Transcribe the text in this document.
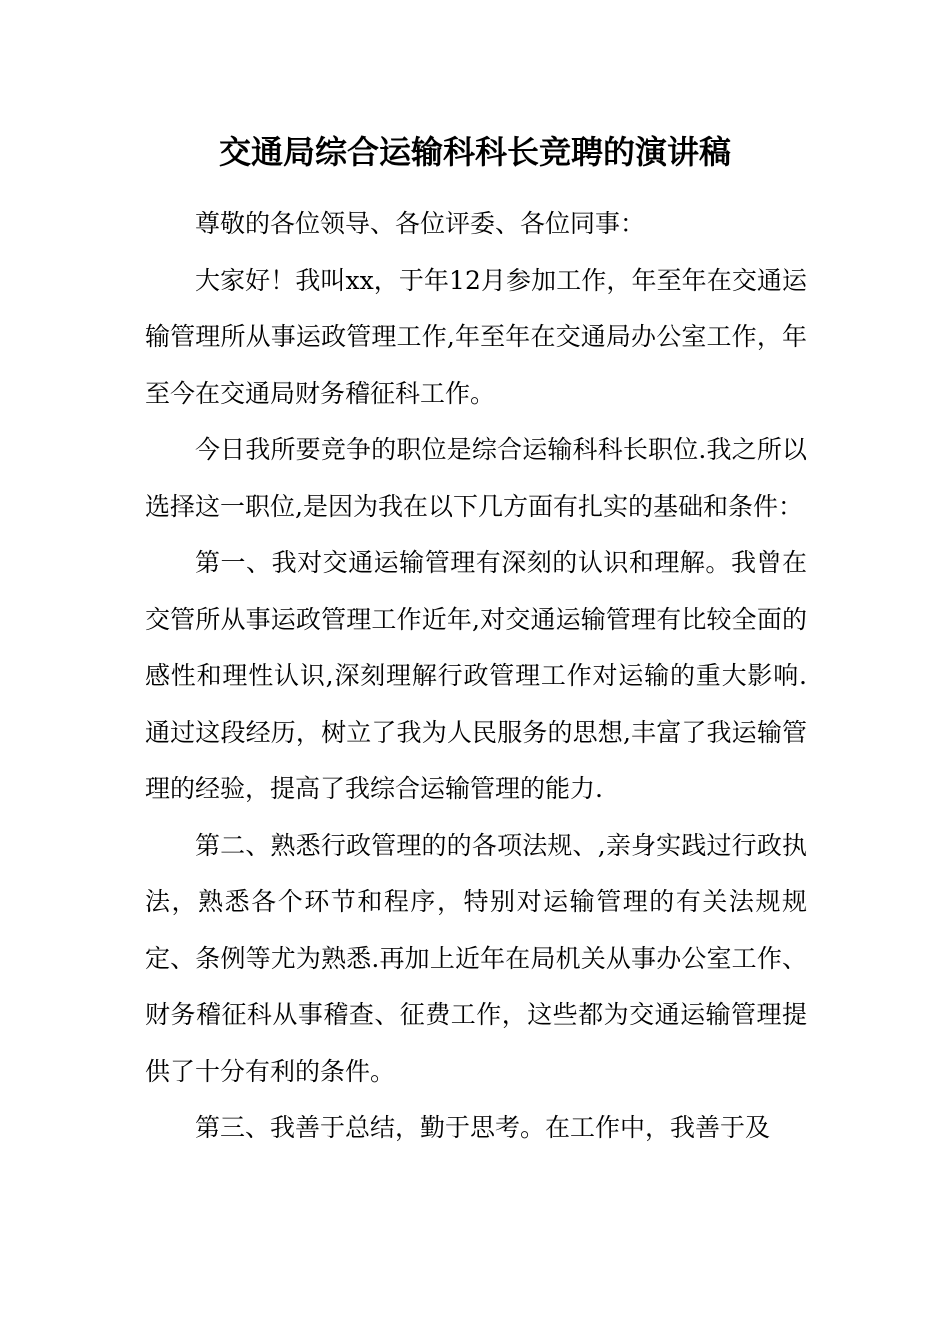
交通局综合运输科科长竞聘的演讲稿

尊敬的各位领导、各位评委、各位同事：

大家好！我叫xx，于年12月参加工作，年至年在交通运输管理所从事运政管理工作,年至年在交通局办公室工作，年至今在交通局财务稽征科工作。

今日我所要竞争的职位是综合运输科科长职位.我之所以选择这一职位,是因为我在以下几方面有扎实的基础和条件：

第一、我对交通运输管理有深刻的认识和理解。我曾在交管所从事运政管理工作近年,对交通运输管理有比较全面的感性和理性认识,深刻理解行政管理工作对运输的重大影响.通过这段经历，树立了我为人民服务的思想,丰富了我运输管理的经验，提高了我综合运输管理的能力.

第二、熟悉行政管理的的各项法规、,亲身实践过行政执法，熟悉各个环节和程序，特别对运输管理的有关法规规定、条例等尤为熟悉.再加上近年在局机关从事办公室工作、财务稽征科从事稽查、征费工作，这些都为交通运输管理提供了十分有利的条件。

第三、我善于总结，勤于思考。在工作中，我善于及
